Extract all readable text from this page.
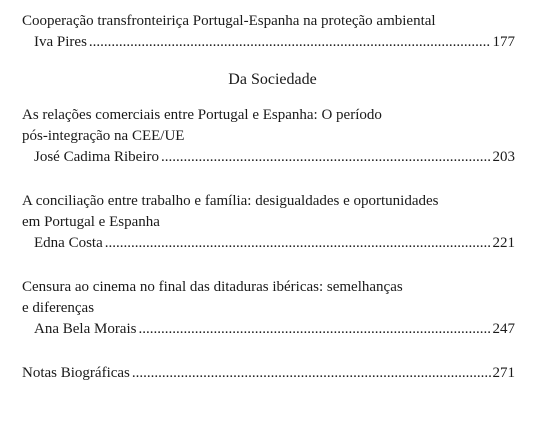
Cooperação transfronteiriça Portugal-Espanha na proteção ambiental
Iva Pires .....	177
Da Sociedade
As relações comerciais entre Portugal e Espanha: O período
pós-integração na CEE/UE
José Cadima Ribeiro .....	203
A conciliação entre trabalho e família: desigualdades e oportunidades
em Portugal e Espanha
Edna Costa .....	221
Censura ao cinema no final das ditaduras ibéricas: semelhanças
e diferenças
Ana Bela Morais .....	247
Notas Biográficas .....	271
